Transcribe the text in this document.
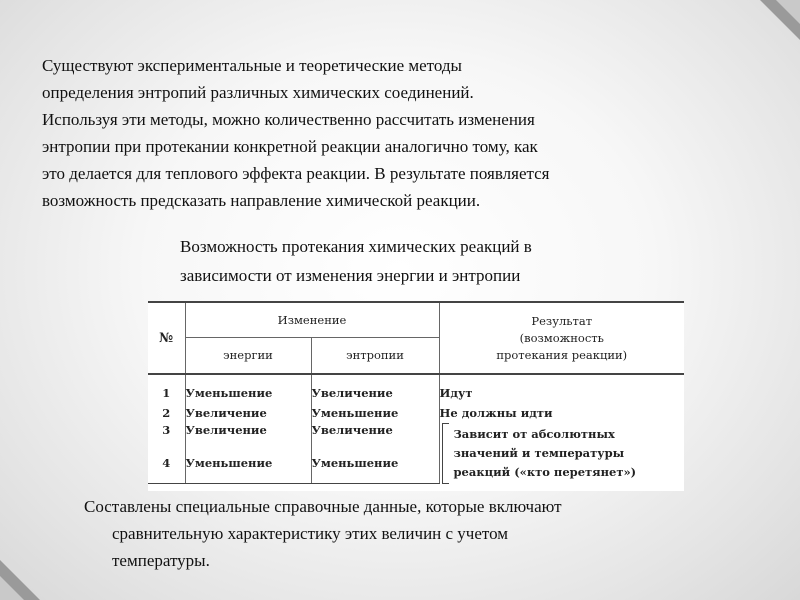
Существуют экспериментальные и теоретические методы
определения энтропий различных химических соединений.
Используя эти методы, можно количественно рассчитать изменения
энтропии при протекании конкретной реакции аналогично тому, как
это делается для теплового эффекта реакции. В результате появляется
возможность предсказать направление химической реакции.

Возможность протекания химических реакций в
зависимости от изменения энергии и энтропии

№	Изменение		Результат
(возможность
протекания реакции)
	энергии	энтропии	
1	Уменьшение	Увеличение	Идут
2	Увеличение	Уменьшение	Не должны идти
3	Увеличение	Увеличение	Зависит от абсолютных
значений и температуры
реакций («кто перетянет»)
4	Уменьшение	Уменьшение	

Составлены специальные справочные данные, которые включают
сравнительную характеристику этих величин с учетом
температуры.
